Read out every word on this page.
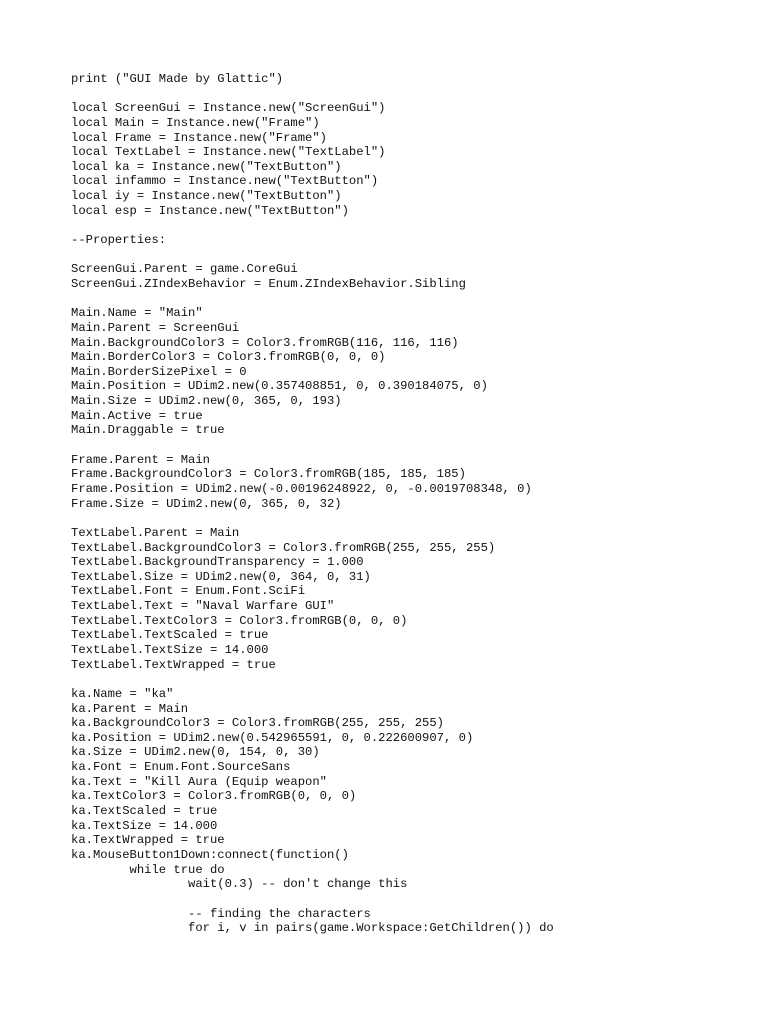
print ("GUI Made by Glattic")
local ScreenGui = Instance.new("ScreenGui")
local Main = Instance.new("Frame")
local Frame = Instance.new("Frame")
local TextLabel = Instance.new("TextLabel")
local ka = Instance.new("TextButton")
local infammo = Instance.new("TextButton")
local iy = Instance.new("TextButton")
local esp = Instance.new("TextButton")
--Properties:
ScreenGui.Parent = game.CoreGui
ScreenGui.ZIndexBehavior = Enum.ZIndexBehavior.Sibling
Main.Name = "Main"
Main.Parent = ScreenGui
Main.BackgroundColor3 = Color3.fromRGB(116, 116, 116)
Main.BorderColor3 = Color3.fromRGB(0, 0, 0)
Main.BorderSizePixel = 0
Main.Position = UDim2.new(0.357408851, 0, 0.390184075, 0)
Main.Size = UDim2.new(0, 365, 0, 193)
Main.Active = true
Main.Draggable = true
Frame.Parent = Main
Frame.BackgroundColor3 = Color3.fromRGB(185, 185, 185)
Frame.Position = UDim2.new(-0.00196248922, 0, -0.0019708348, 0)
Frame.Size = UDim2.new(0, 365, 0, 32)
TextLabel.Parent = Main
TextLabel.BackgroundColor3 = Color3.fromRGB(255, 255, 255)
TextLabel.BackgroundTransparency = 1.000
TextLabel.Size = UDim2.new(0, 364, 0, 31)
TextLabel.Font = Enum.Font.SciFi
TextLabel.Text = "Naval Warfare GUI"
TextLabel.TextColor3 = Color3.fromRGB(0, 0, 0)
TextLabel.TextScaled = true
TextLabel.TextSize = 14.000
TextLabel.TextWrapped = true
ka.Name = "ka"
ka.Parent = Main
ka.BackgroundColor3 = Color3.fromRGB(255, 255, 255)
ka.Position = UDim2.new(0.542965591, 0, 0.222600907, 0)
ka.Size = UDim2.new(0, 154, 0, 30)
ka.Font = Enum.Font.SourceSans
ka.Text = "Kill Aura (Equip weapon"
ka.TextColor3 = Color3.fromRGB(0, 0, 0)
ka.TextScaled = true
ka.TextSize = 14.000
ka.TextWrapped = true
ka.MouseButton1Down:connect(function()
while true do
wait(0.3) -- don't change this
-- finding the characters
for i, v in pairs(game.Workspace:GetChildren()) do
